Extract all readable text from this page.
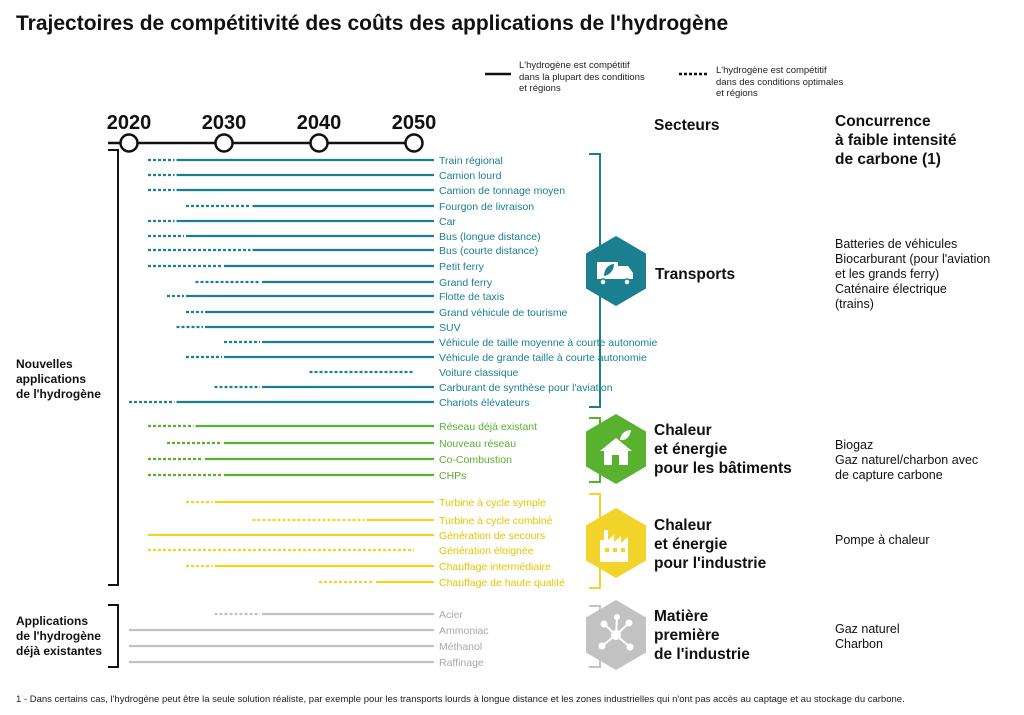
Trajectoires de compétitivité des coûts des applications de l'hydrogène
L'hydrogène est compétitif
dans la plupart des conditions
et régions
L'hydrogène est compétitif
dans des conditions optimales
et régions
Secteurs	Concurrence
à faible intensité
de carbone (1)
Nouvelles
applications
de l'hydrogène
Applications
de l'hydrogène
déjà existantes
Transports
Chaleur
et énergie
pour les bâtiments
Chaleur
et énergie
pour l'industrie
Matière
première
de l'industrie
Batteries de véhicules
Biocarburant (pour l'aviation
et les grands ferry)
Caténaire électrique
(trains)
Biogaz
Gaz naturel/charbon avec
de capture carbone
Pompe à chaleur
Gaz naturel
Charbon
1 - Dans certains cas, l'hydrogène peut être la seule solution réaliste, par exemple pour les transports lourds à longue distance et les zones industrielles qui n'ont pas accès au captage et au stockage du carbone.
2020	2030	2040	2050
Train régional
Camion lourd
Camion de tonnage moyen
Fourgon de livraison
Car
Bus (longue distance)
Bus (courte distance)
Petit ferry
Grand ferry
Flotte de taxis
Grand véhicule de tourisme
SUV
Véhicule de taille moyenne à courte autonomie
Véhicule de grande taille à courte autonomie
Voiture classique
Carburant de synthèse pour l'aviation
Chariots élévateurs
Réseau déjà existant
Nouveau réseau
Co-Combustion
CHPs
Turbine à cycle symple
Turbine à cycle combiné
Génération de secours
Génération éloignée
Chauffage intermédiaire
Chauffage de haute qualité
Acier
Ammoniac
Méthanol
Raffinage
